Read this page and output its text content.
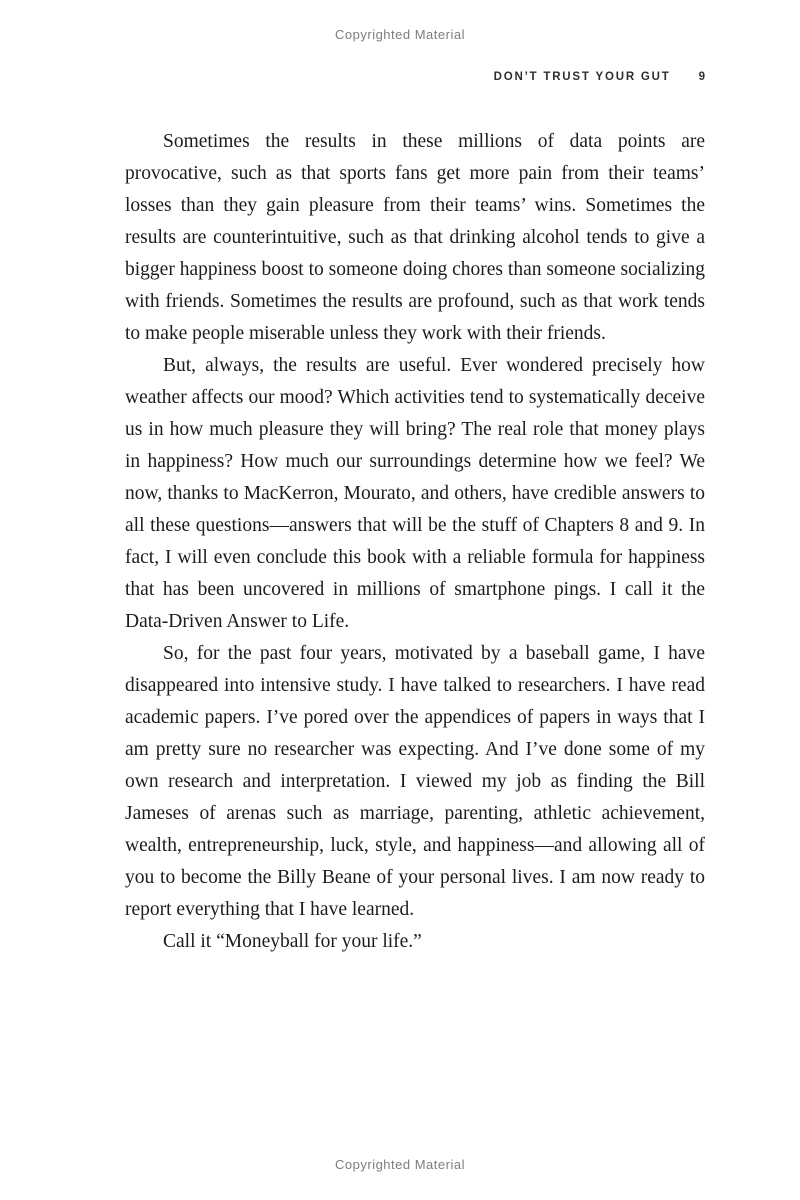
Copyrighted Material
DON’T TRUST YOUR GUT 9

Sometimes the results in these millions of data points are provocative, such as that sports fans get more pain from their teams’ losses than they gain pleasure from their teams’ wins. Sometimes the results are counterintuitive, such as that drinking alcohol tends to give a bigger happiness boost to someone doing chores than someone socializing with friends. Sometimes the results are profound, such as that work tends to make people miserable unless they work with their friends.

But, always, the results are useful. Ever wondered precisely how weather affects our mood? Which activities tend to systematically deceive us in how much pleasure they will bring? The real role that money plays in happiness? How much our surroundings determine how we feel? We now, thanks to MacKerron, Mourato, and others, have credible answers to all these questions—answers that will be the stuff of Chapters 8 and 9. In fact, I will even conclude this book with a reliable formula for happiness that has been uncovered in millions of smartphone pings. I call it the Data-Driven Answer to Life.

So, for the past four years, motivated by a baseball game, I have disappeared into intensive study. I have talked to researchers. I have read academic papers. I’ve pored over the appendices of papers in ways that I am pretty sure no researcher was expecting. And I’ve done some of my own research and interpretation. I viewed my job as finding the Bill Jameses of arenas such as marriage, parenting, athletic achievement, wealth, entrepreneurship, luck, style, and happiness—and allowing all of you to become the Billy Beane of your personal lives. I am now ready to report everything that I have learned.

Call it “Moneyball for your life.”

Copyrighted Material
